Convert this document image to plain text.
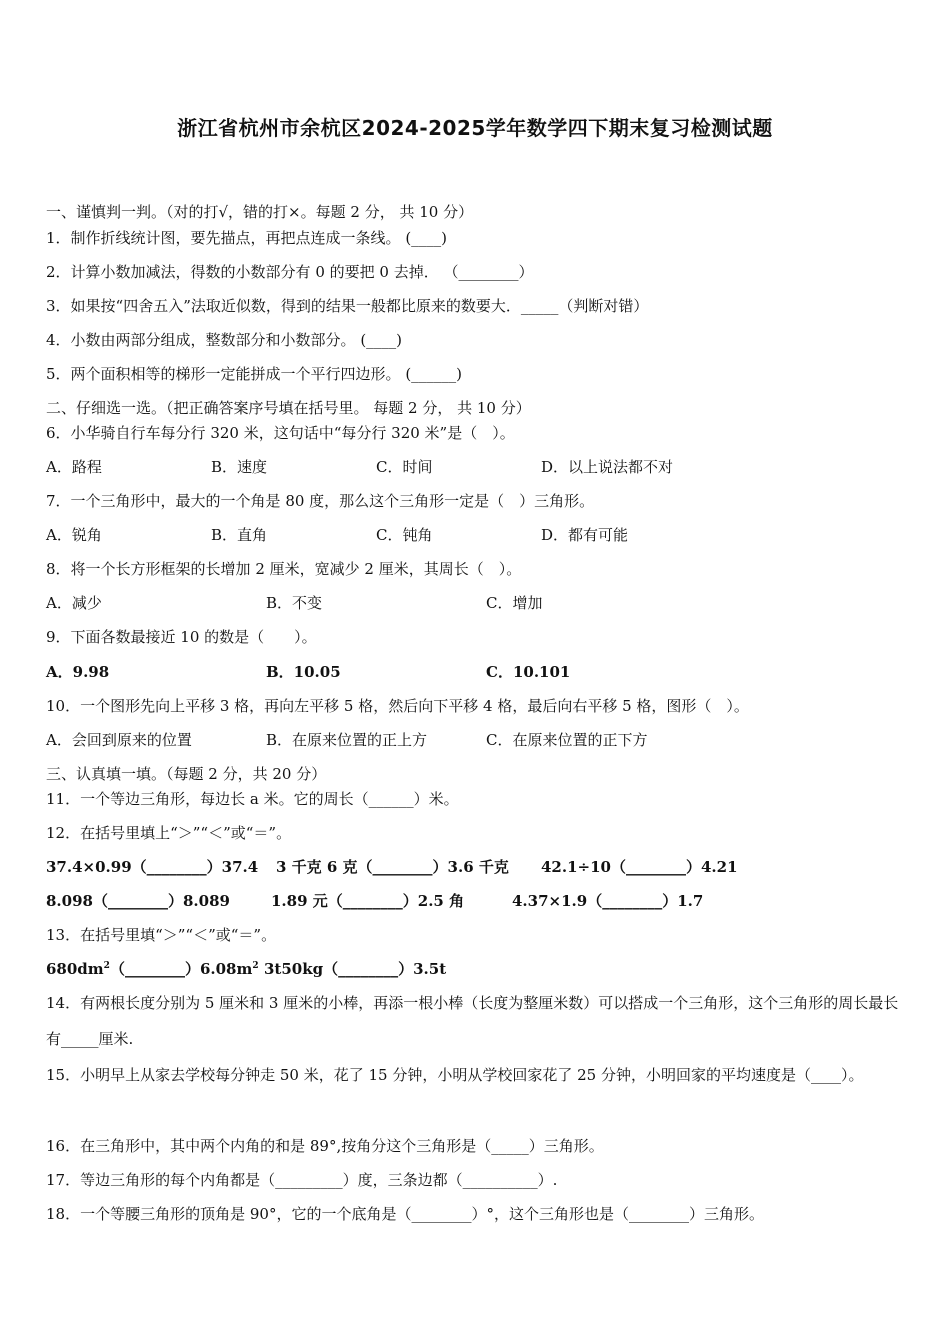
浙江省杭州市余杭区2024-2025学年数学四下期末复习检测试题
一、谨慎判一判。（对的打√，错的打×。每题 2 分， 共 10 分）
1．制作折线统计图，要先描点，再把点连成一条线。 (____)
2．计算小数加减法，得数的小数部分有 0 的要把 0 去掉． （________）
3．如果按“四舍五入”法取近似数，得到的结果一般都比原来的数要大．_____（判断对错）
4．小数由两部分组成，整数部分和小数部分。 (____)
5．两个面积相等的梯形一定能拼成一个平行四边形。 (______)
二、仔细选一选。（把正确答案序号填在括号里。 每题 2 分， 共 10 分）
6．小华骑自行车每分行 320 米，这句话中“每分行 320 米”是（　）。
A．路程	B．速度	C．时间	D．以上说法都不对
7．一个三角形中，最大的一个角是 80 度，那么这个三角形一定是（　）三角形。
A．锐角	B．直角	C．钝角	D．都有可能
8．将一个长方形框架的长增加 2 厘米，宽减少 2 厘米，其周长（　）。
A．减少	B．不变	C．增加
9．下面各数最接近 10 的数是（　　）。
A．9.98	B．10.05	C．10.101
10．一个图形先向上平移 3 格，再向左平移 5 格，然后向下平移 4 格，最后向右平移 5 格，图形（　）。
A．会回到原来的位置	B．在原来位置的正上方	C．在原来位置的正下方
三、认真填一填。（每题 2 分，共 20 分）
11．一个等边三角形，每边长 a 米。它的周长（______）米。
12．在括号里填上“＞”“＜”或“＝”。
37.4×0.99（________）37.4 3 千克 6 克（________）3.6 千克 42.1÷10（________）4.21
8.098（________）8.089	1.89 元（________）2.5 角	4.37×1.9（________）1.7
13．在括号里填“＞”“＜”或“＝”。
$680dm^2(\_\_\_\_\_\_\_\_)6.08m^2$ 3t50kg（________）3.5t
14．有两根长度分别为 5 厘米和 3 厘米的小棒，再添一根小棒（长度为整厘米数）可以搭成一个三角形，这个三角形的周长最长有_____厘米.
15．小明早上从家去学校每分钟走 50 米，花了 15 分钟，小明从学校回家花了 25 分钟，小明回家的平均速度是（____）。
16．在三角形中，其中两个内角的和是 89°,按角分这个三角形是（_____）三角形。
17．等边三角形的每个内角都是（_________）度，三条边都（__________）.
18．一个等腰三角形的顶角是 90°，它的一个底角是（________）°，这个三角形也是（________）三角形。
